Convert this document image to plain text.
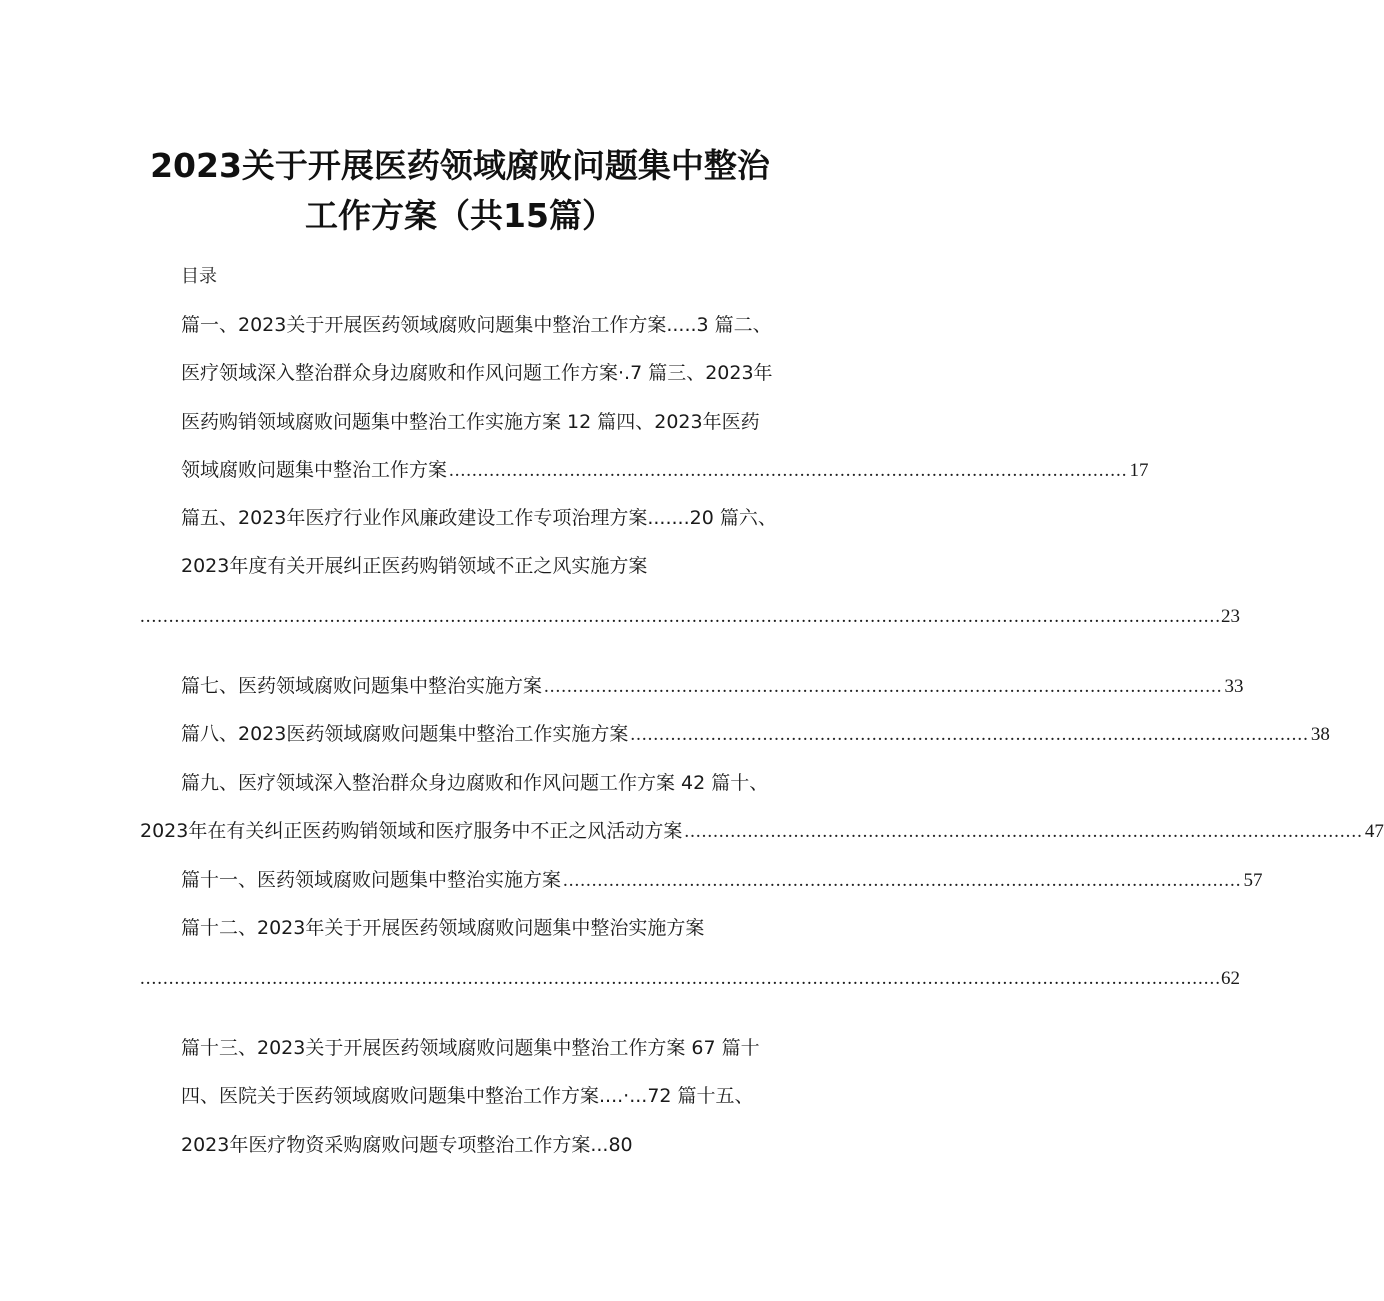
2023关于开展医药领域腐败问题集中整治
工作方案（共15篇）
目录
篇一、2023关于开展医药领域腐败问题集中整治工作方案.....3 篇二、
医疗领域深入整治群众身边腐败和作风问题工作方案·.7 篇三、2023年
医药购销领域腐败问题集中整治工作实施方案 12 篇四、2023年医药
领域腐败问题集中整治工作方案 ...................................................................................................................... 17
篇五、2023年医疗行业作风廉政建设工作专项治理方案.......20 篇六、
2023年度有关开展纠正医药购销领域不正之风实施方案
............................................................................................................................................................................................ 23
篇七、医药领域腐败问题集中整治实施方案 ...................................................................................................................... 33
篇八、2023医药领域腐败问题集中整治工作实施方案 ...................................................................................................................... 38
篇九、医疗领域深入整治群众身边腐败和作风问题工作方案 42 篇十、
2023年在有关纠正医药购销领域和医疗服务中不正之风活动方案 ...................................................................................................................... 47
篇十一、医药领域腐败问题集中整治实施方案 ...................................................................................................................... 57
篇十二、2023年关于开展医药领域腐败问题集中整治实施方案
............................................................................................................................................................................................ 62
篇十三、2023关于开展医药领域腐败问题集中整治工作方案 67 篇十
四、医院关于医药领域腐败问题集中整治工作方案....·...72 篇十五、
2023年医疗物资采购腐败问题专项整治工作方案...80
